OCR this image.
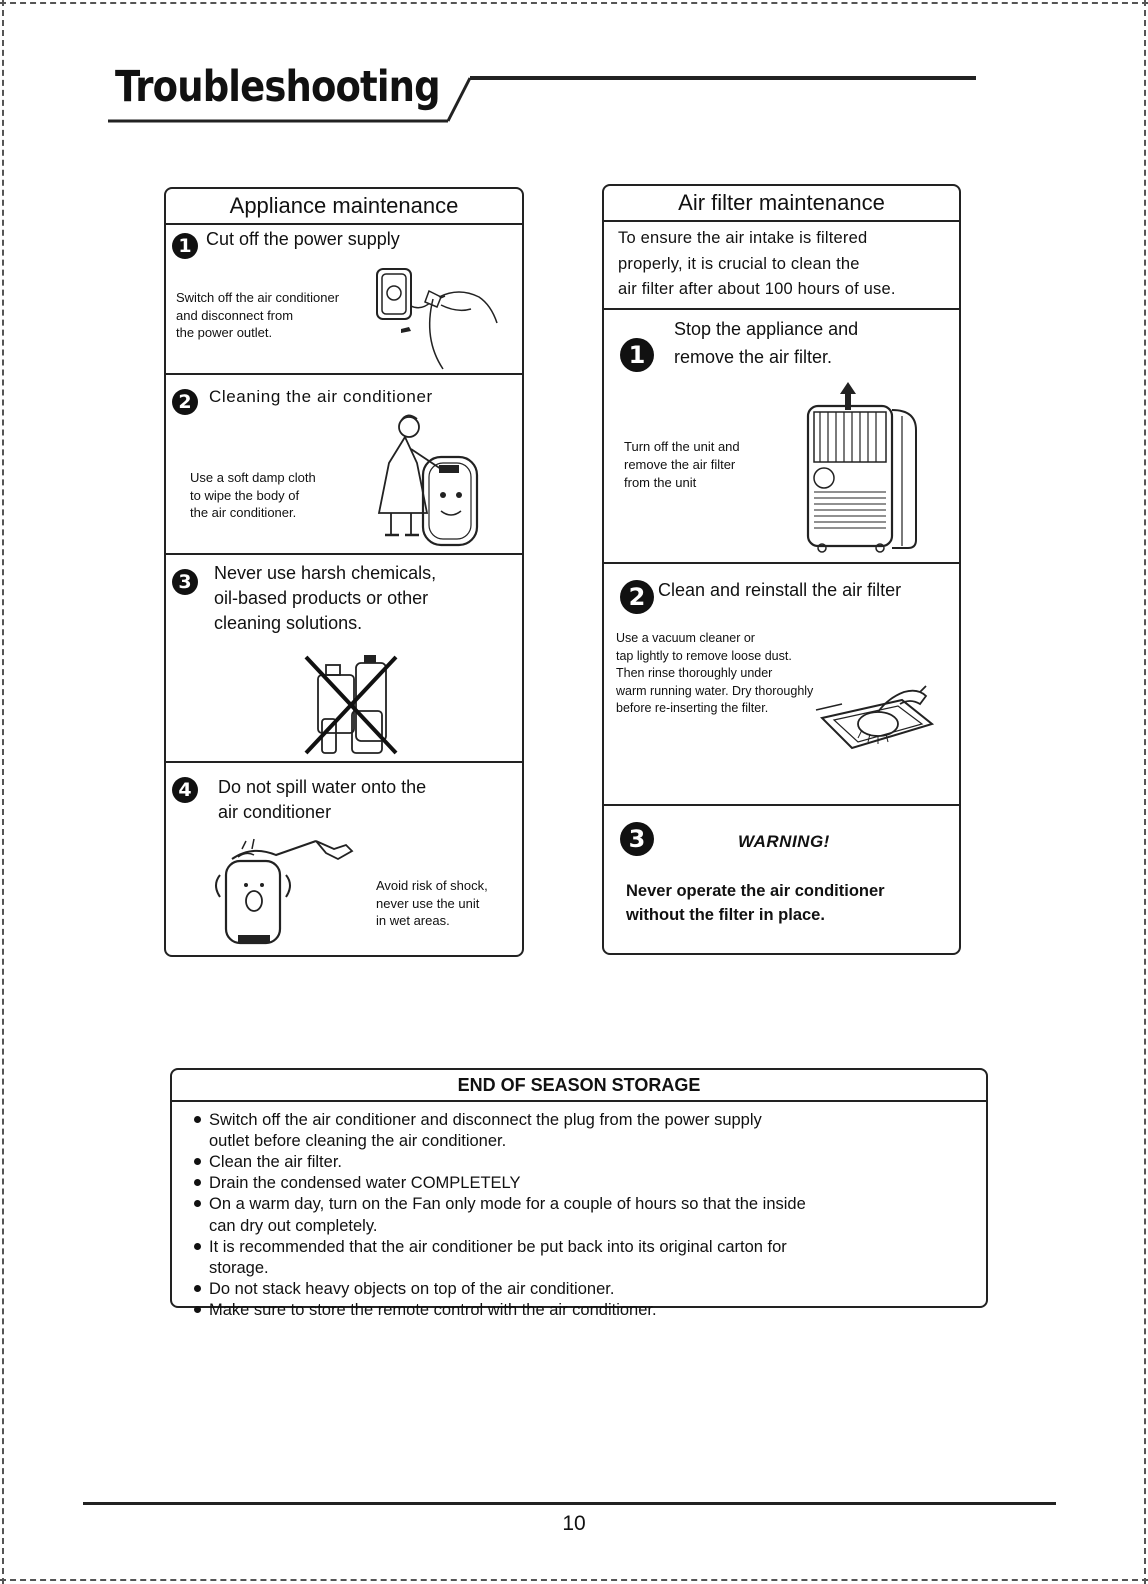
Troubleshooting
Appliance maintenance
1 Cut off the power supply

Switch off the air conditioner
and disconnect from
the power outlet.

2	Cleaning the air conditioner

Use a soft damp cloth
to wipe the body of
the air conditioner.

3	Never use harsh chemicals,
oil-based products or other
cleaning solutions.

4	Do not spill water onto the
air conditioner

Avoid risk of shock,
never use the unit
in wet areas.

Air filter maintenance

To ensure the air intake is filtered
properly, it is crucial to clean the
air filter after about 100 hours of use.

1

Stop the appliance and
remove the air filter.

Turn off the unit and
remove the air filter
from the unit

2 Clean and reinstall the air filter

Use a vacuum cleaner or
tap lightly to remove loose dust.
Then rinse thoroughly under
warm running water. Dry thoroughly
before re-inserting the filter.

3	WARNING!

Never operate the air conditioner
without the filter in place.

END OF SEASON STORAGE
Switch off the air conditioner and disconnect the plug from the power supply
outlet before cleaning the air conditioner.
Clean the air filter.
Drain the condensed water COMPLETELY
On a warm day, turn on the Fan only mode for a couple of hours so that the inside
can dry out completely.
It is recommended that the air conditioner be put back into its original carton for
storage.
Do not stack heavy objects on top of the air conditioner.
Make sure to store the remote control with the air conditioner.

10
